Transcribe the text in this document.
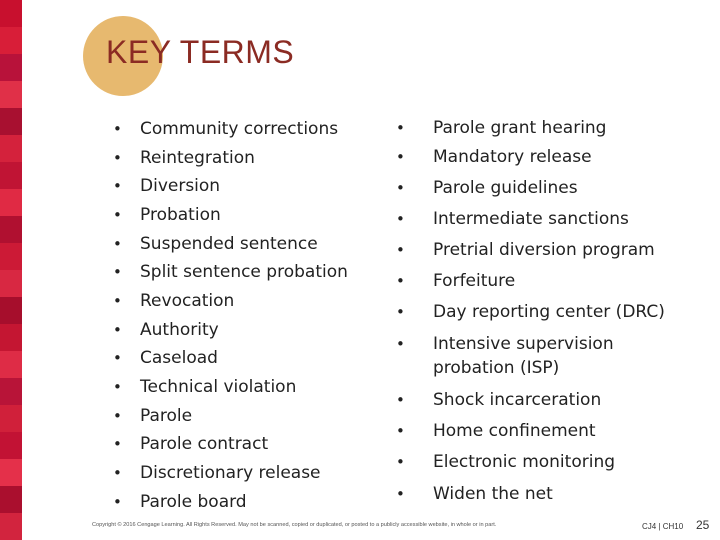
KEY TERMS
• Community corrections
• Reintegration
• Diversion
• Probation
• Suspended sentence
• Split sentence probation
• Revocation
• Authority
• Caseload
• Technical violation
• Parole
• Parole contract
• Discretionary release
• Parole board
• Parole grant hearing
• Mandatory release
• Parole guidelines
• Intermediate sanctions
• Pretrial diversion program
• Forfeiture
• Day reporting center (DRC)
• Intensive supervision
probation (ISP)
• Shock incarceration
• Home confinement
• Electronic monitoring
• Widen the net
Copyright © 2016 Cengage Learning. All Rights Reserved. May not be scanned, copied or duplicated, or posted to a publicly accessible website, in whole or in part.	CJ4 | CH10 25
